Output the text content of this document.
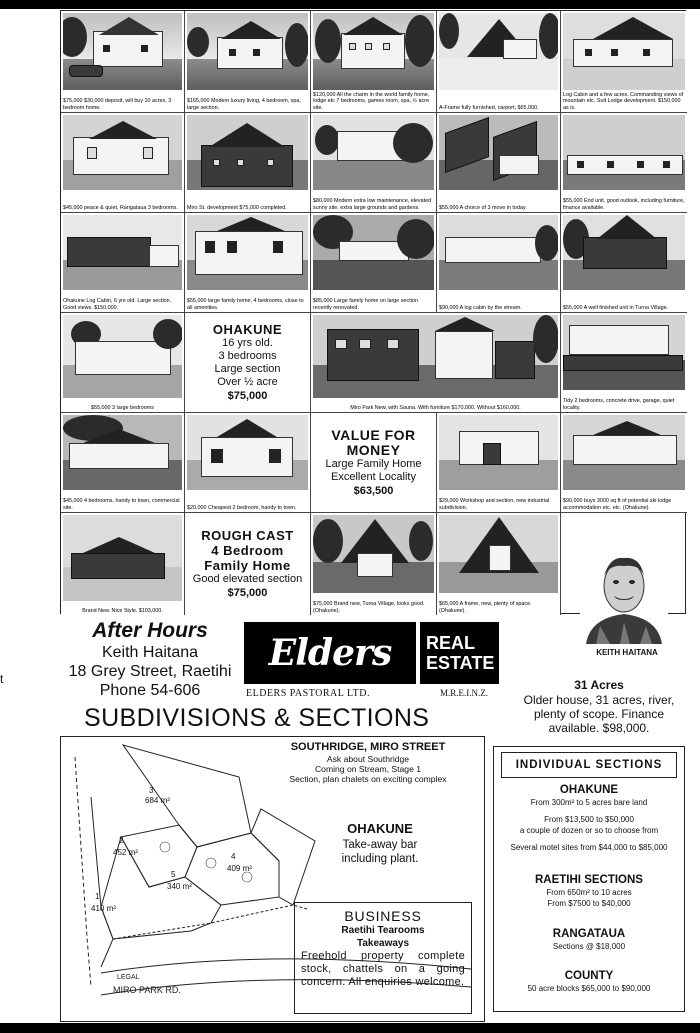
$75,000 $30,000 deposit, will buy 10 acres, 3 bedroom home.
$165,000 Modern luxury living, 4 bedroom, spa, large section.
$120,000 All the charm in the world family home, lodge etc 7 bedrooms, games room, spa, ½ acre site.	A-Frame fully furnished, carport, $65,000.
Log Cabin and a few acres. Commanding views of mountain etc. Suit Lodge development. $150,000 as is.
$45,000 peace & quiet, Rangataua 3 bedrooms.	Miro St. development $75,000 completed.
$80,000 Modern extra low maintenance, elevated sunny site, extra large grounds and gardens.	$55,000 A choice of 3 move in today.
$55,000 End unit, good outlook, including furniture, finance available.
Ohakune Log Cabin, 6 yrs old. Large section. Good views. $150,000.
$55,000 large family home, 4 bedrooms, close to all amenities.
$85,000 Large family home on large section recently renovated.	$90,000 A log cabin by the stream.	$55,000 A well finished unit in Turoa Village.
$55,000 3 large bedrooms
OHAKUNE
16 yrs old.
3 bedrooms
Large section
Over ½ acre
$75,000
Miro Park New, with Sauna. With furniture $170,000. Without $160,000.
Tidy 2 bedrooms, concrete drive, garage, quiet locality.
$45,000 4 bedrooms, handy to town, commercial site.	$20,000 Cheapest 2 bedroom, handy to town.
VALUE FOR
MONEY
Large Family Home
Excellent Locality
$63,500
$29,000 Workshop and section, new industrial subdivision.
$90,000 buys 3000 sq ft of potential ski lodge accommodation etc. etc. (Ohakune).
Brand New. Nice Style. $103,000.
ROUGH CAST
4 Bedroom
Family Home
Good elevated section
$75,000
$75,000 Brand new, Turoa Village, looks good. (Ohakune).
$65,000 A frame, new, plenty of space. (Ohakune).
KEITH HAITANA
After Hours
Keith Haitana
18 Grey Street, Raetihi
Phone 54-606
t
Elders	REAL
ESTATE
ELDERS PASTORAL LTD.	M.R.E.I.N.Z.
31 Acres
Older house, 31 acres, river, plenty of scope. Finance available. $98,000.
SUBDIVISIONS & SECTIONS
3
684 m²
2
452 m²
5
340 m²
4
409 m²
1
410 m²
LEGAL
MIRO PARK RD.
SOUTHRIDGE, MIRO STREET
Ask about Southridge
Coming on Stream, Stage 1
Section, plan chalets on exciting complex
OHAKUNE
Take-away bar
including plant.
BUSINESS
Raetihi Tearooms
Takeaways
Freehold property complete stock, chattels on a going concern. All enquiries welcome.
INDIVIDUAL SECTIONS
OHAKUNE
From 300m² to 5 acres bare land
From $13,500 to $50,000
a couple of dozen or so to choose from
Several motel sites from $44,000 to $85,000
RAETIHI SECTIONS
From 650m² to 10 acres
From $7500 to $40,000
RANGATAUA
Sections @ $18,000
COUNTY
50 acre blocks $65,000 to $90,000
